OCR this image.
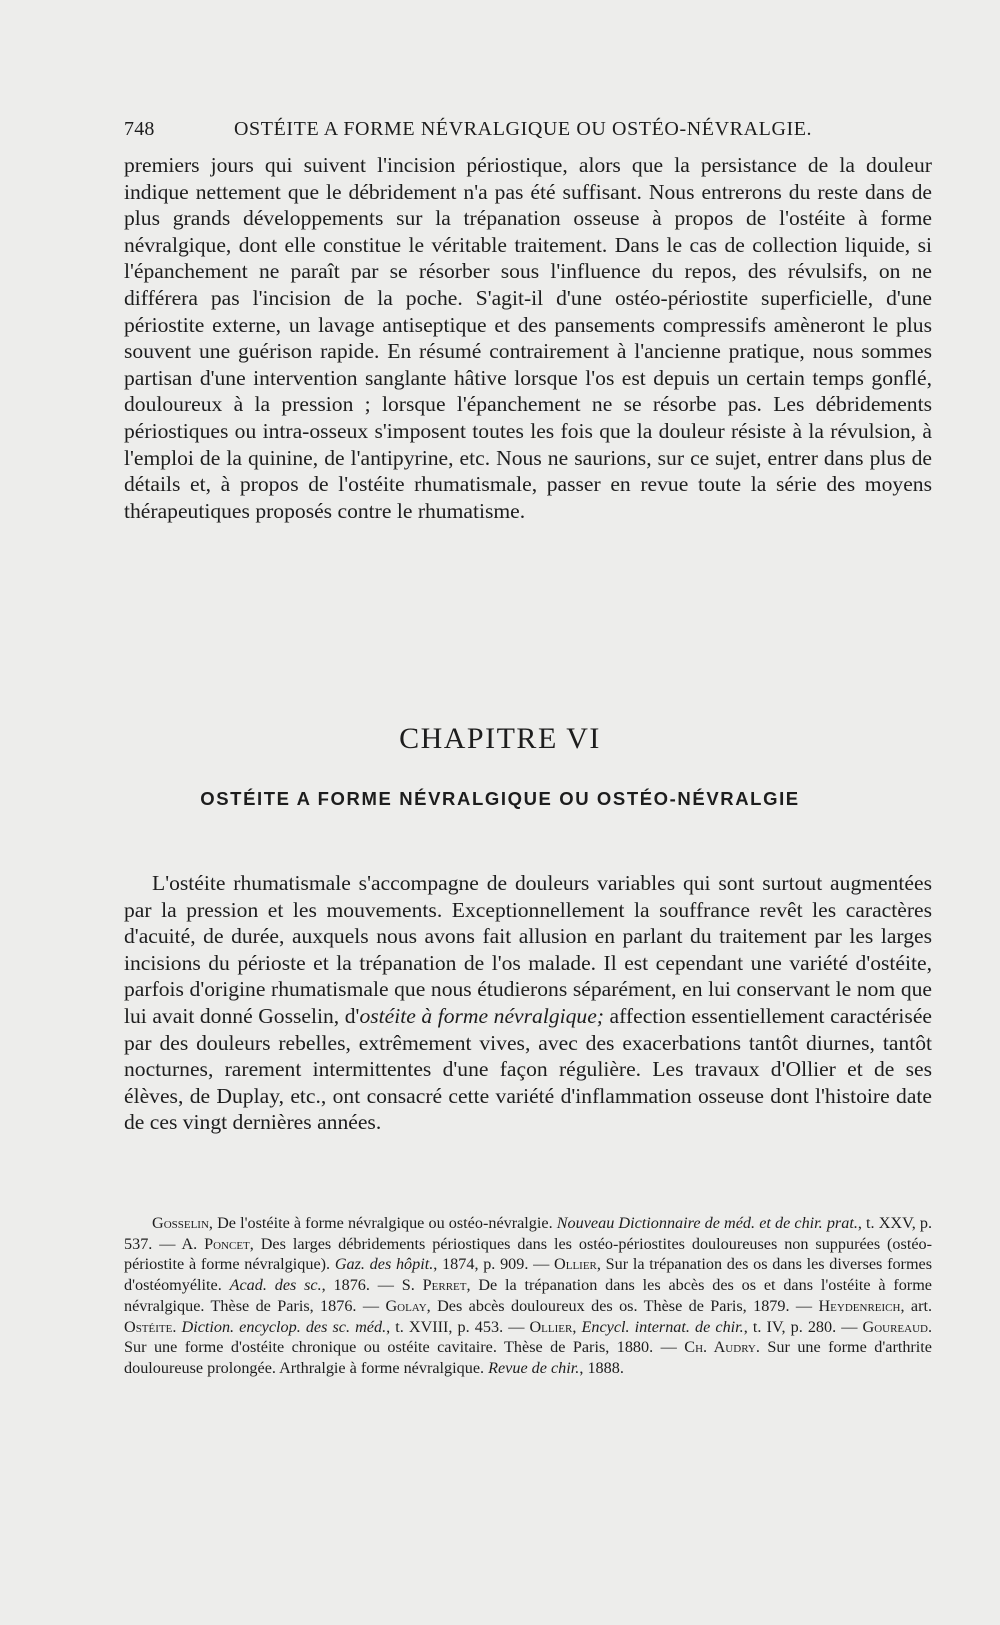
748	OSTÉITE A FORME NÉVRALGIQUE OU OSTÉO-NÉVRALGIE.

premiers jours qui suivent l'incision périostique, alors que la persistance de la douleur indique nettement que le débridement n'a pas été suffisant. Nous entrerons du reste dans de plus grands développements sur la trépanation osseuse à propos de l'ostéite à forme névralgique, dont elle constitue le véritable traitement. Dans le cas de collection liquide, si l'épanchement ne paraît par se résorber sous l'influence du repos, des révulsifs, on ne différera pas l'incision de la poche. S'agit-il d'une ostéo-périostite superficielle, d'une périostite externe, un lavage antiseptique et des pansements compressifs amèneront le plus souvent une guérison rapide. En résumé contrairement à l'ancienne pratique, nous sommes partisan d'une intervention sanglante hâtive lorsque l'os est depuis un certain temps gonflé, douloureux à la pression ; lorsque l'épanchement ne se résorbe pas. Les débridements périostiques ou intra-osseux s'imposent toutes les fois que la douleur résiste à la révulsion, à l'emploi de la quinine, de l'antipyrine, etc. Nous ne saurions, sur ce sujet, entrer dans plus de détails et, à propos de l'ostéite rhumatismale, passer en revue toute la série des moyens thérapeutiques proposés contre le rhumatisme.

CHAPITRE VI
OSTÉITE A FORME NÉVRALGIQUE OU OSTÉO-NÉVRALGIE

L'ostéite rhumatismale s'accompagne de douleurs variables qui sont surtout augmentées par la pression et les mouvements. Exceptionnellement la souffrance revêt les caractères d'acuité, de durée, auxquels nous avons fait allusion en parlant du traitement par les larges incisions du périoste et la trépanation de l'os malade. Il est cependant une variété d'ostéite, parfois d'origine rhumatismale que nous étudierons séparément, en lui conservant le nom que lui avait donné Gosselin, d'ostéite à forme névralgique; affection essentiellement caractérisée par des douleurs rebelles, extrêmement vives, avec des exacerbations tantôt diurnes, tantôt nocturnes, rarement intermittentes d'une façon régulière. Les travaux d'Ollier et de ses élèves, de Duplay, etc., ont consacré cette variété d'inflammation osseuse dont l'histoire date de ces vingt dernières années.

Gosselin, De l'ostéite à forme névralgique ou ostéo-névralgie. Nouveau Dictionnaire de méd. et de chir. prat., t. XXV, p. 537. — A. Poncet, Des larges débridements périostiques dans les ostéo-périostites douloureuses non suppurées (ostéo-périostite à forme névralgique). Gaz. des hôpit., 1874, p. 909. — Ollier, Sur la trépanation des os dans les diverses formes d'ostéomyélite. Acad. des sc., 1876. — S. Perret, De la trépanation dans les abcès des os et dans l'ostéite à forme névralgique. Thèse de Paris, 1876. — Golay, Des abcès douloureux des os. Thèse de Paris, 1879. — Heydenreich, art. Ostéite. Diction. encyclop. des sc. méd., t. XVIII, p. 453. — Ollier, Encycl. internat. de chir., t. IV, p. 280. — Goureaud. Sur une forme d'ostéite chronique ou ostéite cavitaire. Thèse de Paris, 1880. — Ch. Audry. Sur une forme d'arthrite douloureuse prolongée. Arthralgie à forme névralgique. Revue de chir., 1888.
